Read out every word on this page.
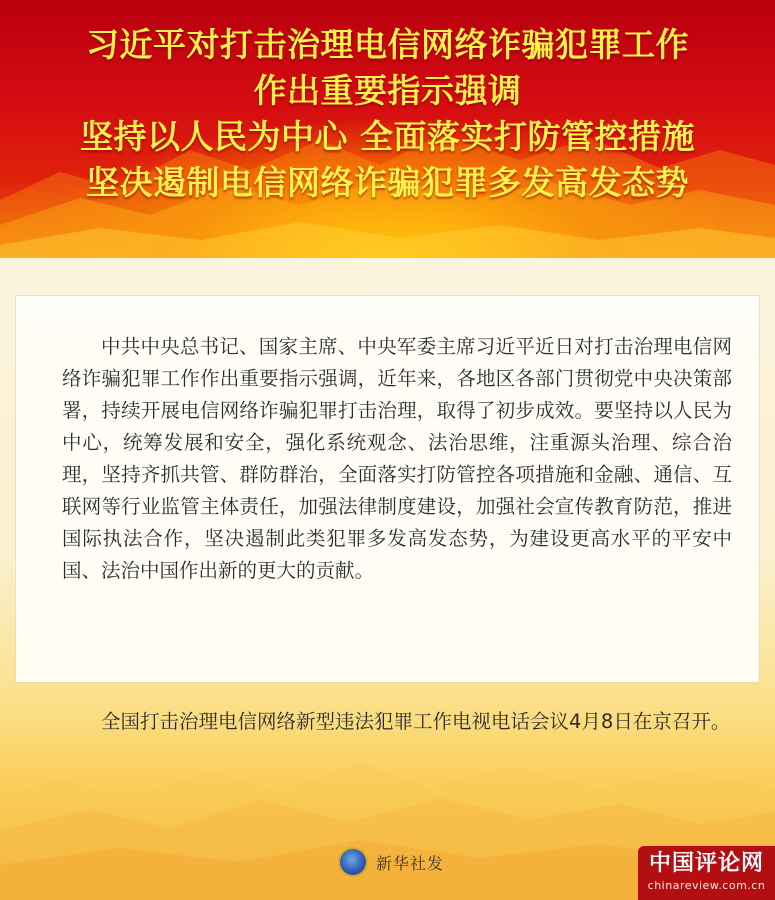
习近平对打击治理电信网络诈骗犯罪工作
作出重要指示强调
坚持以人民为中心 全面落实打防管控措施
坚决遏制电信网络诈骗犯罪多发高发态势
中共中央总书记、国家主席、中央军委主席习近平近日对打击治理电信网络诈骗犯罪工作作出重要指示强调，近年来，各地区各部门贯彻党中央决策部署，持续开展电信网络诈骗犯罪打击治理，取得了初步成效。要坚持以人民为中心，统筹发展和安全，强化系统观念、法治思维，注重源头治理、综合治理，坚持齐抓共管、群防群治，全面落实打防管控各项措施和金融、通信、互联网等行业监管主体责任，加强法律制度建设，加强社会宣传教育防范，推进国际执法合作，坚决遏制此类犯罪多发高发态势，为建设更高水平的平安中国、法治中国作出新的更大的贡献。
全国打击治理电信网络新型违法犯罪工作电视电话会议4月8日在京召开。
新华社发	中国评论网
chinareview.com.cn
